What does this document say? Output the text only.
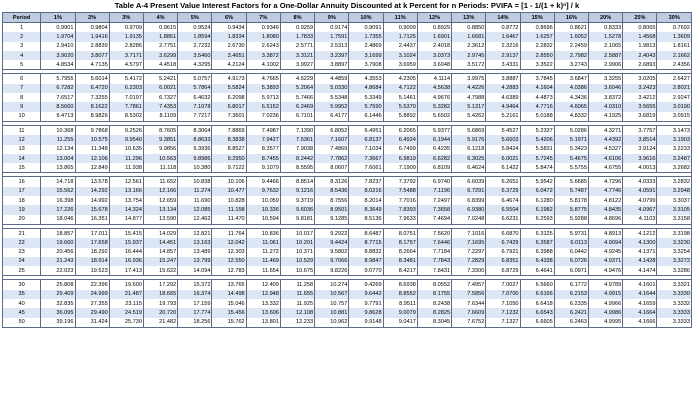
Table A-4 Present Value Interest Factors for a One-Dollar Annuity Discounted at k Percent for n Periods: PVIFA = [1 - 1/(1 + k)ⁿ] / k
Period	1%	2%	3%	4%	5%	6%	7%	8%	9%	10%	11%	12%	13%	14%	15%	16%	20%	25%	30%
1	0.9901	0.9804	0.9709	0.9615	0.9524	0.9434	0.9346	0.9259	0.9174	0.9091	0.9009	0.8929	0.8850	0.8772	0.8696	0.8621	0.8333	0.8065	0.7692
2	1.9704	1.9416	1.9135	1.8861	1.8594	1.8334	1.8080	1.7833	1.7591	1.7355	1.7125	1.6901	1.6681	1.6467	1.6257	1.6052	1.5278	1.4568	1.3609
3	2.9410	2.8839	2.8286	2.7751	2.7232	2.6730	2.6243	2.5771	2.5313	2.4869	2.4437	2.4018	2.3612	2.3216	2.2832	2.2459	2.1065	1.9813	1.8161
4	3.9020	3.8077	3.7171	3.6299	3.5460	3.4651	3.3872	3.3121	3.2397	3.1699	3.1024	3.0373	2.9745	2.9137	2.8550	2.7982	2.5887	2.4043	2.1662
5	4.8534	4.7135	4.5797	4.4518	4.3295	4.2124	4.1002	3.9927	3.8897	3.7908	3.6959	3.6048	3.5172	3.4331	3.3522	3.2743	2.9906	2.6893	2.4356

6	5.7955	5.6014	5.4172	5.2421	5.0757	4.9173	4.7665	4.6229	4.4859	4.3553	4.2305	4.1114	3.9975	3.8887	3.7845	3.6847	3.3255	3.0205	2.6427
7	6.7282	6.4720	6.2303	6.0021	5.7864	5.5824	5.3893	5.2064	5.0330	4.8684	4.7122	4.5638	4.4226	4.2883	4.1604	4.0386	3.6046	3.2423	2.8021
8	7.6517	7.3255	7.0197	6.7327	6.4632	6.2098	5.9713	5.7466	5.5348	5.3349	5.1461	4.9676	4.7988	4.6389	4.4873	4.3436	3.8372	3.4212	2.9247
9	8.5660	8.1622	7.7861	7.4353	7.1078	6.8017	6.5152	6.2469	5.9952	5.7590	5.5370	5.3282	5.1317	4.9464	4.7716	4.6065	4.0310	3.5655	3.0190
10	9.4713	8.9826	8.5302	8.1109	7.7217	7.3601	7.0236	6.7101	6.4177	6.1446	5.8892	5.6502	5.4262	5.2161	5.0188	4.8332	4.1925	3.6819	3.0915

11	10.368	9.7868	9.2526	8.7605	8.3064	7.8869	7.4987	7.1390	6.8052	6.4951	6.2065	5.9377	5.6869	5.4527	5.2337	5.0286	4.3271	3.7757	3.1473
12	11.255	10.575	9.9540	9.3851	8.8633	8.3838	7.9427	7.5361	7.1607	6.8137	6.4924	6.1944	5.9176	5.6603	5.4206	5.1971	4.4392	3.8514	3.1903
13	12.134	11.348	10.635	9.9856	9.3936	8.8527	8.3577	7.9038	7.4869	7.1034	6.7499	6.4235	6.1218	5.8424	5.5831	5.3423	4.5327	3.9124	3.2233
14	13.004	12.106	11.296	10.563	9.8986	9.2950	8.7455	8.2442	7.7862	7.3667	6.9819	6.6282	6.3025	6.0021	5.7245	5.4675	4.6106	3.9616	3.2487
15	13.865	12.849	11.938	11.118	10.380	9.7122	9.1079	8.5595	8.0607	7.6061	7.1909	6.8109	6.4624	6.1422	5.8474	5.5755	4.6755	4.0013	3.2682

16	14.718	13.578	12.561	11.652	10.838	10.106	9.4466	8.8514	8.3126	7.8237	7.3792	6.9740	6.6039	6.2651	5.9542	5.6685	4.7296	4.0333	3.2832
17	15.562	14.292	13.166	12.166	11.274	10.477	9.7632	9.1216	8.5436	8.0216	7.5488	7.1196	6.7291	6.3729	6.0472	5.7487	4.7746	4.0591	3.2948
18	16.398	14.992	13.754	12.659	11.690	10.828	10.059	9.3719	8.7556	8.2014	7.7016	7.2497	6.8399	6.4674	6.1280	5.8178	4.8122	4.0799	3.3037
19	17.226	15.678	14.324	13.134	12.085	11.158	10.336	9.6036	8.9501	8.3649	7.8393	7.3658	6.9380	6.5504	6.1982	5.8775	4.8435	4.0967	3.3105
20	18.046	16.351	14.877	13.590	12.462	11.470	10.594	9.8181	9.1285	8.5136	7.9633	7.4694	7.0248	6.6231	6.2593	5.9288	4.8696	4.1103	3.3158

21	18.857	17.011	15.415	14.029	12.821	11.764	10.836	10.017	9.2922	8.6487	8.0751	7.5620	7.1016	6.6870	6.3125	5.9731	4.8913	4.1212	3.3198
22	19.660	17.658	15.937	14.451	13.163	12.042	11.061	10.201	9.4424	8.7715	8.1757	7.6446	7.1695	6.7429	6.3587	6.0113	4.9094	4.1300	3.3230
23	20.456	18.292	16.444	14.857	13.489	12.303	11.272	10.371	9.5802	8.8832	8.2664	7.7184	7.2297	6.7921	6.3988	6.0442	4.9245	4.1371	3.3254
24	21.243	18.914	16.936	15.247	13.799	12.550	11.469	10.529	9.7066	8.9847	8.3481	7.7843	7.2829	6.8351	6.4338	6.0726	4.9371	4.1428	3.3272
25	22.023	19.523	17.413	15.622	14.094	12.783	11.654	10.675	9.8226	9.0770	8.4217	7.8431	7.3300	6.8729	6.4641	6.0971	4.9476	4.1474	3.3286

30	25.808	22.396	19.600	17.292	15.372	13.765	12.409	11.258	10.274	9.4269	8.6938	8.0552	7.4957	7.0027	6.5660	6.1772	4.9789	4.1601	3.3321
35	29.409	24.999	21.487	18.665	16.374	14.498	12.948	11.655	10.567	9.6442	8.8552	8.1755	7.5856	7.0700	6.6166	6.2153	4.9915	4.1644	3.3330
40	32.835	27.355	23.115	19.793	17.159	15.046	13.332	11.925	10.757	9.7791	8.9511	8.2438	7.6344	7.1050	6.6418	6.2335	4.9966	4.1659	3.3332
45	36.095	29.490	24.519	20.720	17.774	15.456	13.606	12.108	10.881	9.8628	9.0079	8.2825	7.6609	7.1232	6.6543	6.2421	4.9986	4.1664	3.3333
50	39.196	31.424	25.730	21.482	18.256	15.762	13.801	12.233	10.962	9.9148	9.0417	8.3045	7.6752	7.1327	6.6605	6.2463	4.9995	4.1666	3.3333
